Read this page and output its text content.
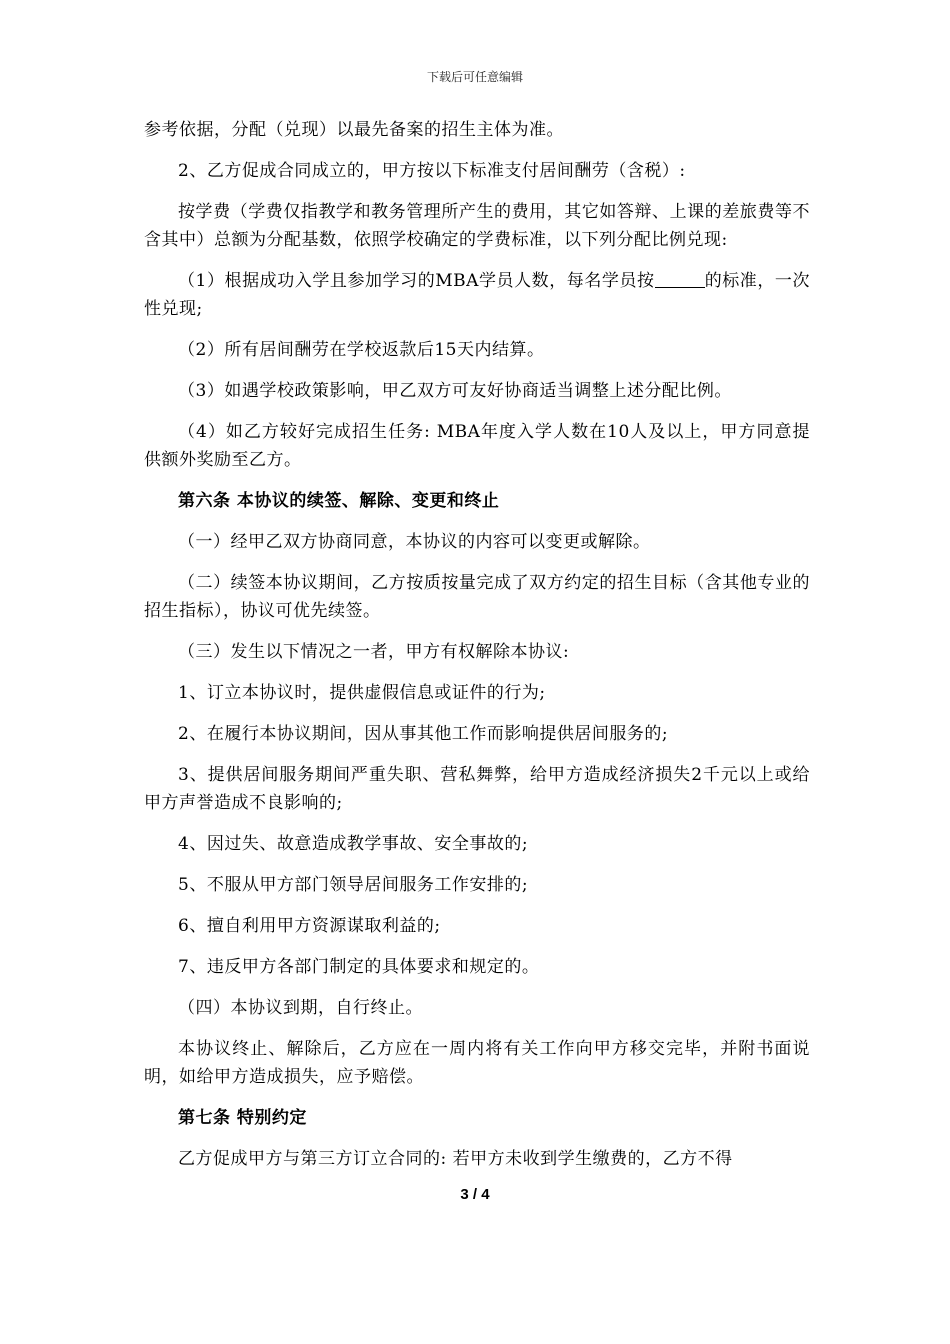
下载后可任意编辑

参考依据，分配（兑现）以最先备案的招生主体为准。

2、乙方促成合同成立的，甲方按以下标准支付居间酬劳（含税）:

按学费（学费仅指教学和教务管理所产生的费用，其它如答辩、上课的差旅费等不含其中）总额为分配基数，依照学校确定的学费标准，以下列分配比例兑现:

（1）根据成功入学且参加学习的MBA学员人数，每名学员按	的标准，一次性兑现;

（2）所有居间酬劳在学校返款后15天内结算。

（3）如遇学校政策影响，甲乙双方可友好协商适当调整上述分配比例。

（4）如乙方较好完成招生任务: MBA年度入学人数在10人及以上，甲方同意提供额外奖励至乙方。

第六条 本协议的续签、解除、变更和终止

（一）经甲乙双方协商同意，本协议的内容可以变更或解除。

（二）续签本协议期间，乙方按质按量完成了双方约定的招生目标（含其他专业的招生指标），协议可优先续签。

（三）发生以下情况之一者，甲方有权解除本协议:

1、订立本协议时，提供虚假信息或证件的行为;

2、在履行本协议期间，因从事其他工作而影响提供居间服务的;

3、提供居间服务期间严重失职、营私舞弊，给甲方造成经济损失2千元以上或给甲方声誉造成不良影响的;

4、因过失、故意造成教学事故、安全事故的;

5、不服从甲方部门领导居间服务工作安排的;

6、擅自利用甲方资源谋取利益的;

7、违反甲方各部门制定的具体要求和规定的。

（四）本协议到期，自行终止。

本协议终止、解除后，乙方应在一周内将有关工作向甲方移交完毕，并附书面说明，如给甲方造成损失，应予赔偿。

第七条 特别约定

乙方促成甲方与第三方订立合同的: 若甲方未收到学生缴费的，乙方不得

3 / 4
